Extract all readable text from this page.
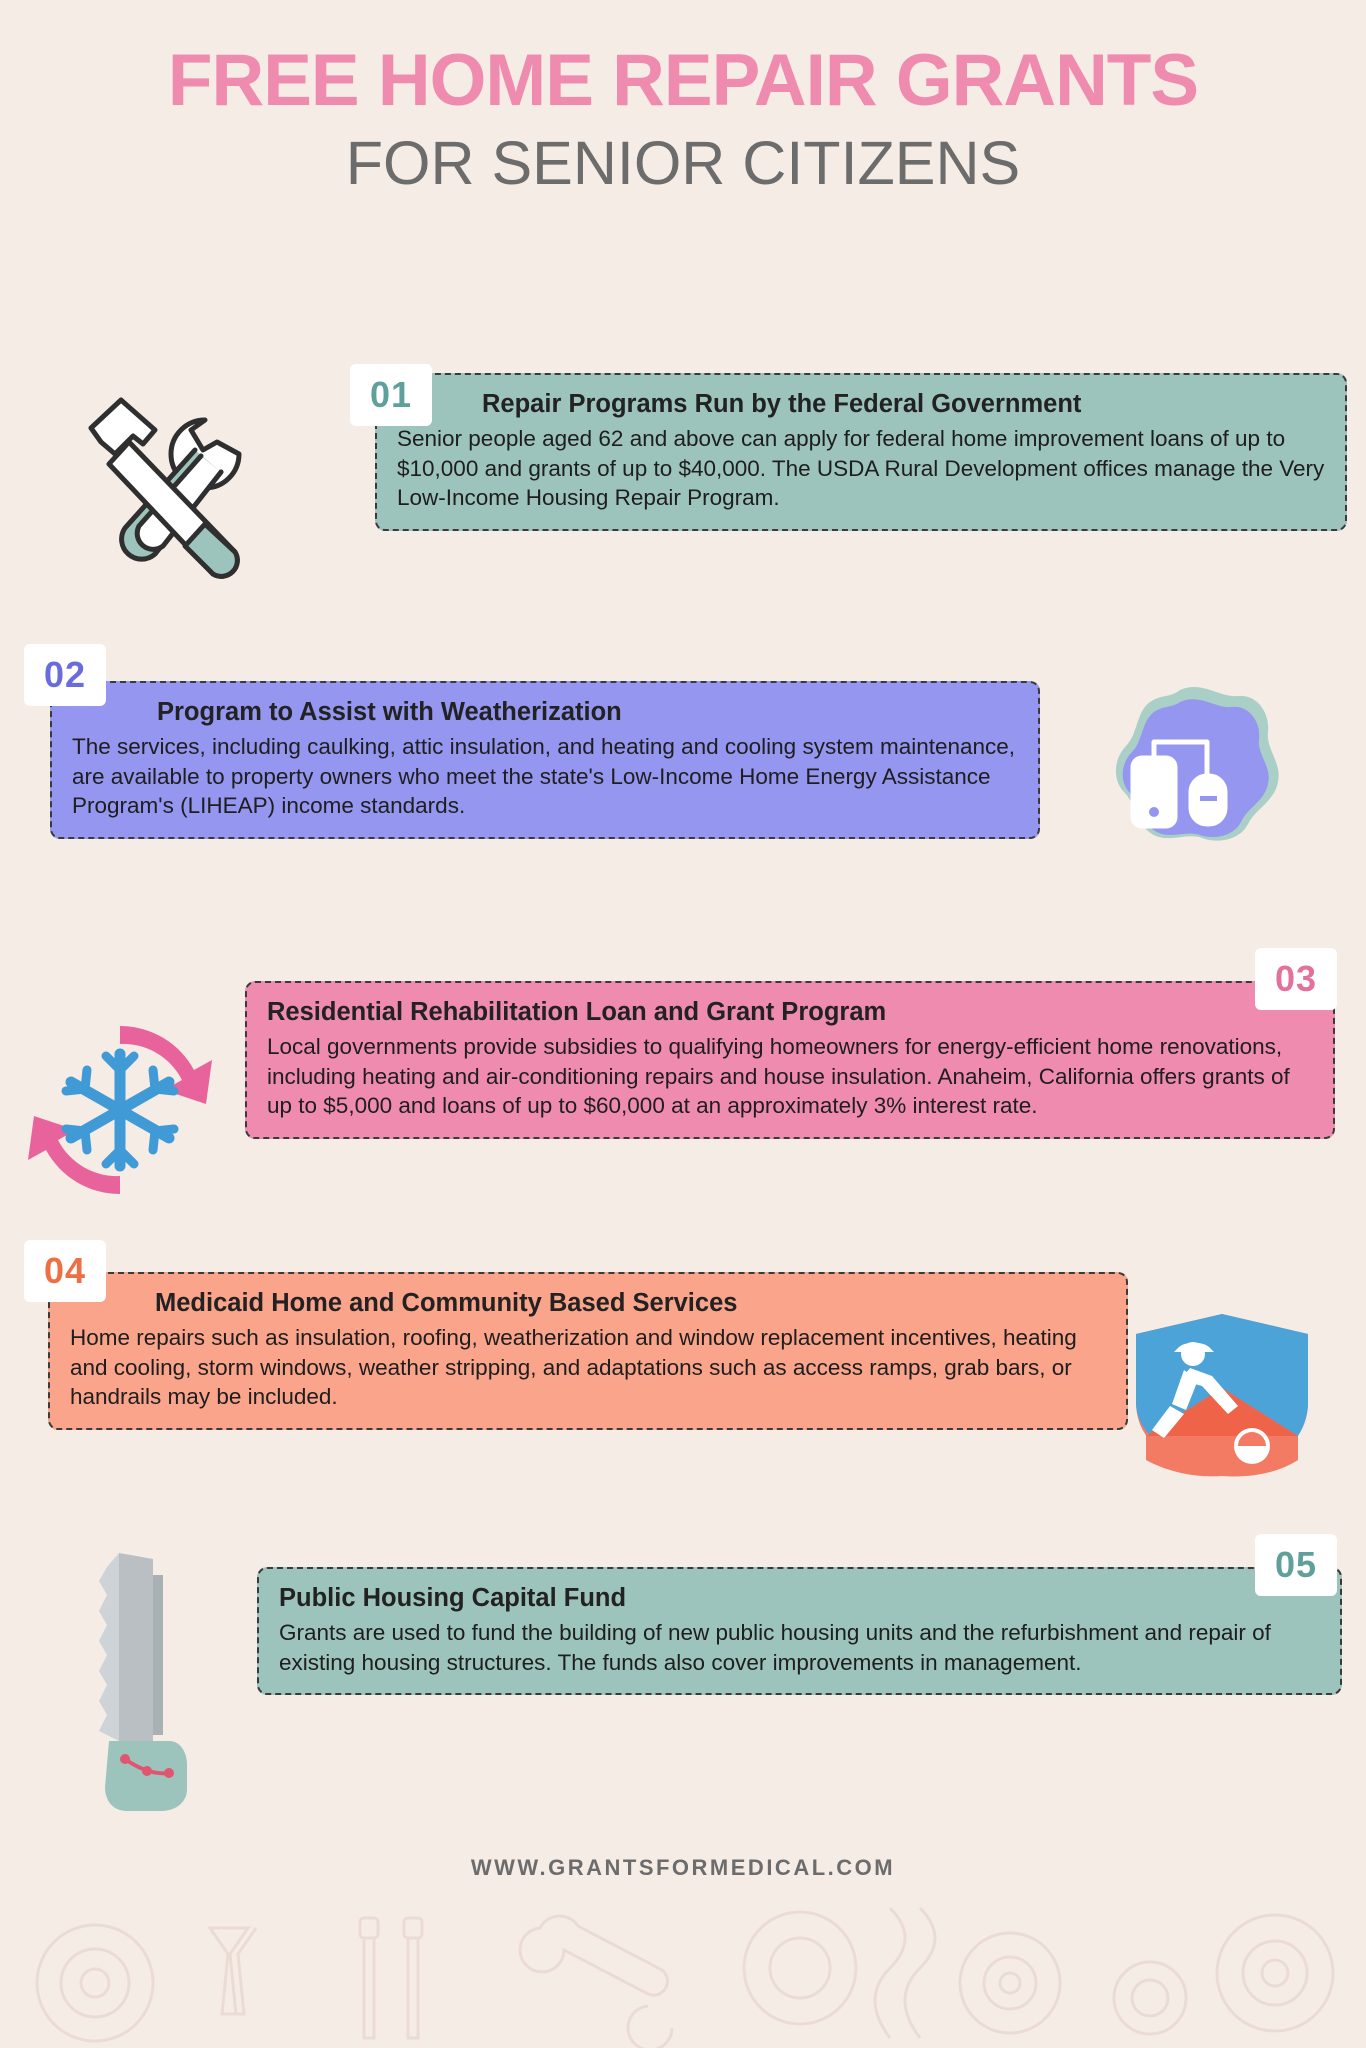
FREE HOME REPAIR GRANTS
FOR SENIOR CITIZENS
01	Repair Programs Run by the Federal Government

Senior people aged 62 and above can apply for federal home improvement loans of up to $10,000 and grants of up to $40,000. The USDA Rural Development offices manage the Very Low-Income Housing Repair Program.

02
Program to Assist with Weatherization

The services, including caulking, attic insulation, and heating and cooling system maintenance, are available to property owners who meet the state's Low-Income Home Energy Assistance Program's (LIHEAP) income standards.

03
Residential Rehabilitation Loan and Grant Program

Local governments provide subsidies to qualifying homeowners for energy-efficient home renovations, including heating and air-conditioning repairs and house insulation. Anaheim, California offers grants of up to $5,000 and loans of up to $60,000 at an approximately 3% interest rate.

04
Medicaid Home and Community Based Services

Home repairs such as insulation, roofing, weatherization and window replacement incentives, heating and cooling, storm windows, weather stripping, and adaptations such as access ramps, grab bars, or handrails may be included.

05
Public Housing Capital Fund

Grants are used to fund the building of new public housing units and the refurbishment and repair of existing housing structures. The funds also cover improvements in management.

WWW.GRANTSFORMEDICAL.COM
